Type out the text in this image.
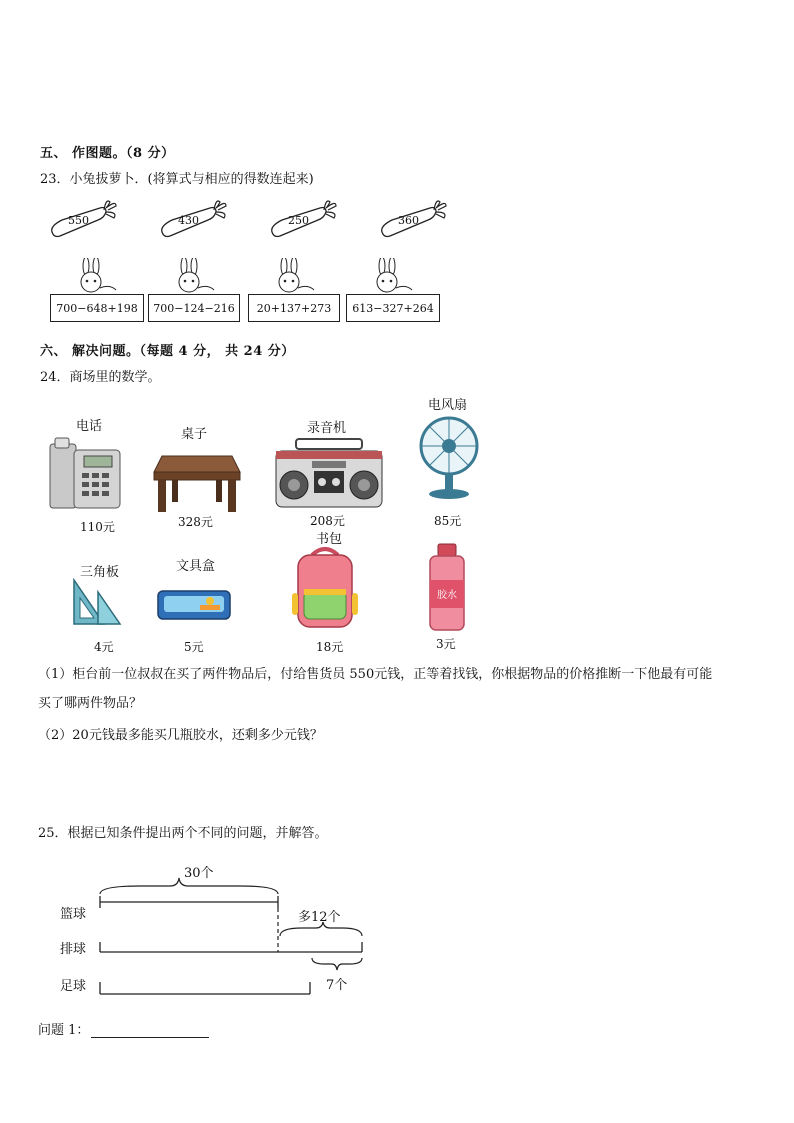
五、 作图题。（8 分）
23．小兔拔萝卜．(将算式与相应的得数连起来)
550	430	250	360
700−648+198	700−124−216	20+137+273	613−327+264
六、 解决问题。（每题 4 分， 共 24 分）
24．商场里的数学。
电话
桌子	录音机
电风扇
110元	328元	208元	85元
三角板	文具盒
书包
胶水
4元	5元	18元	3元
（1）柜台前一位叔叔在买了两件物品后，付给售货员 550元钱，正等着找钱，你根据物品的价格推断一下他最有可能
买了哪两件物品？
（2）20元钱最多能买几瓶胶水，还剩多少元钱？
25．根据已知条件提出两个不同的问题，并解答。
30个
多12个
7个
篮球
排球
足球
问题 1：
